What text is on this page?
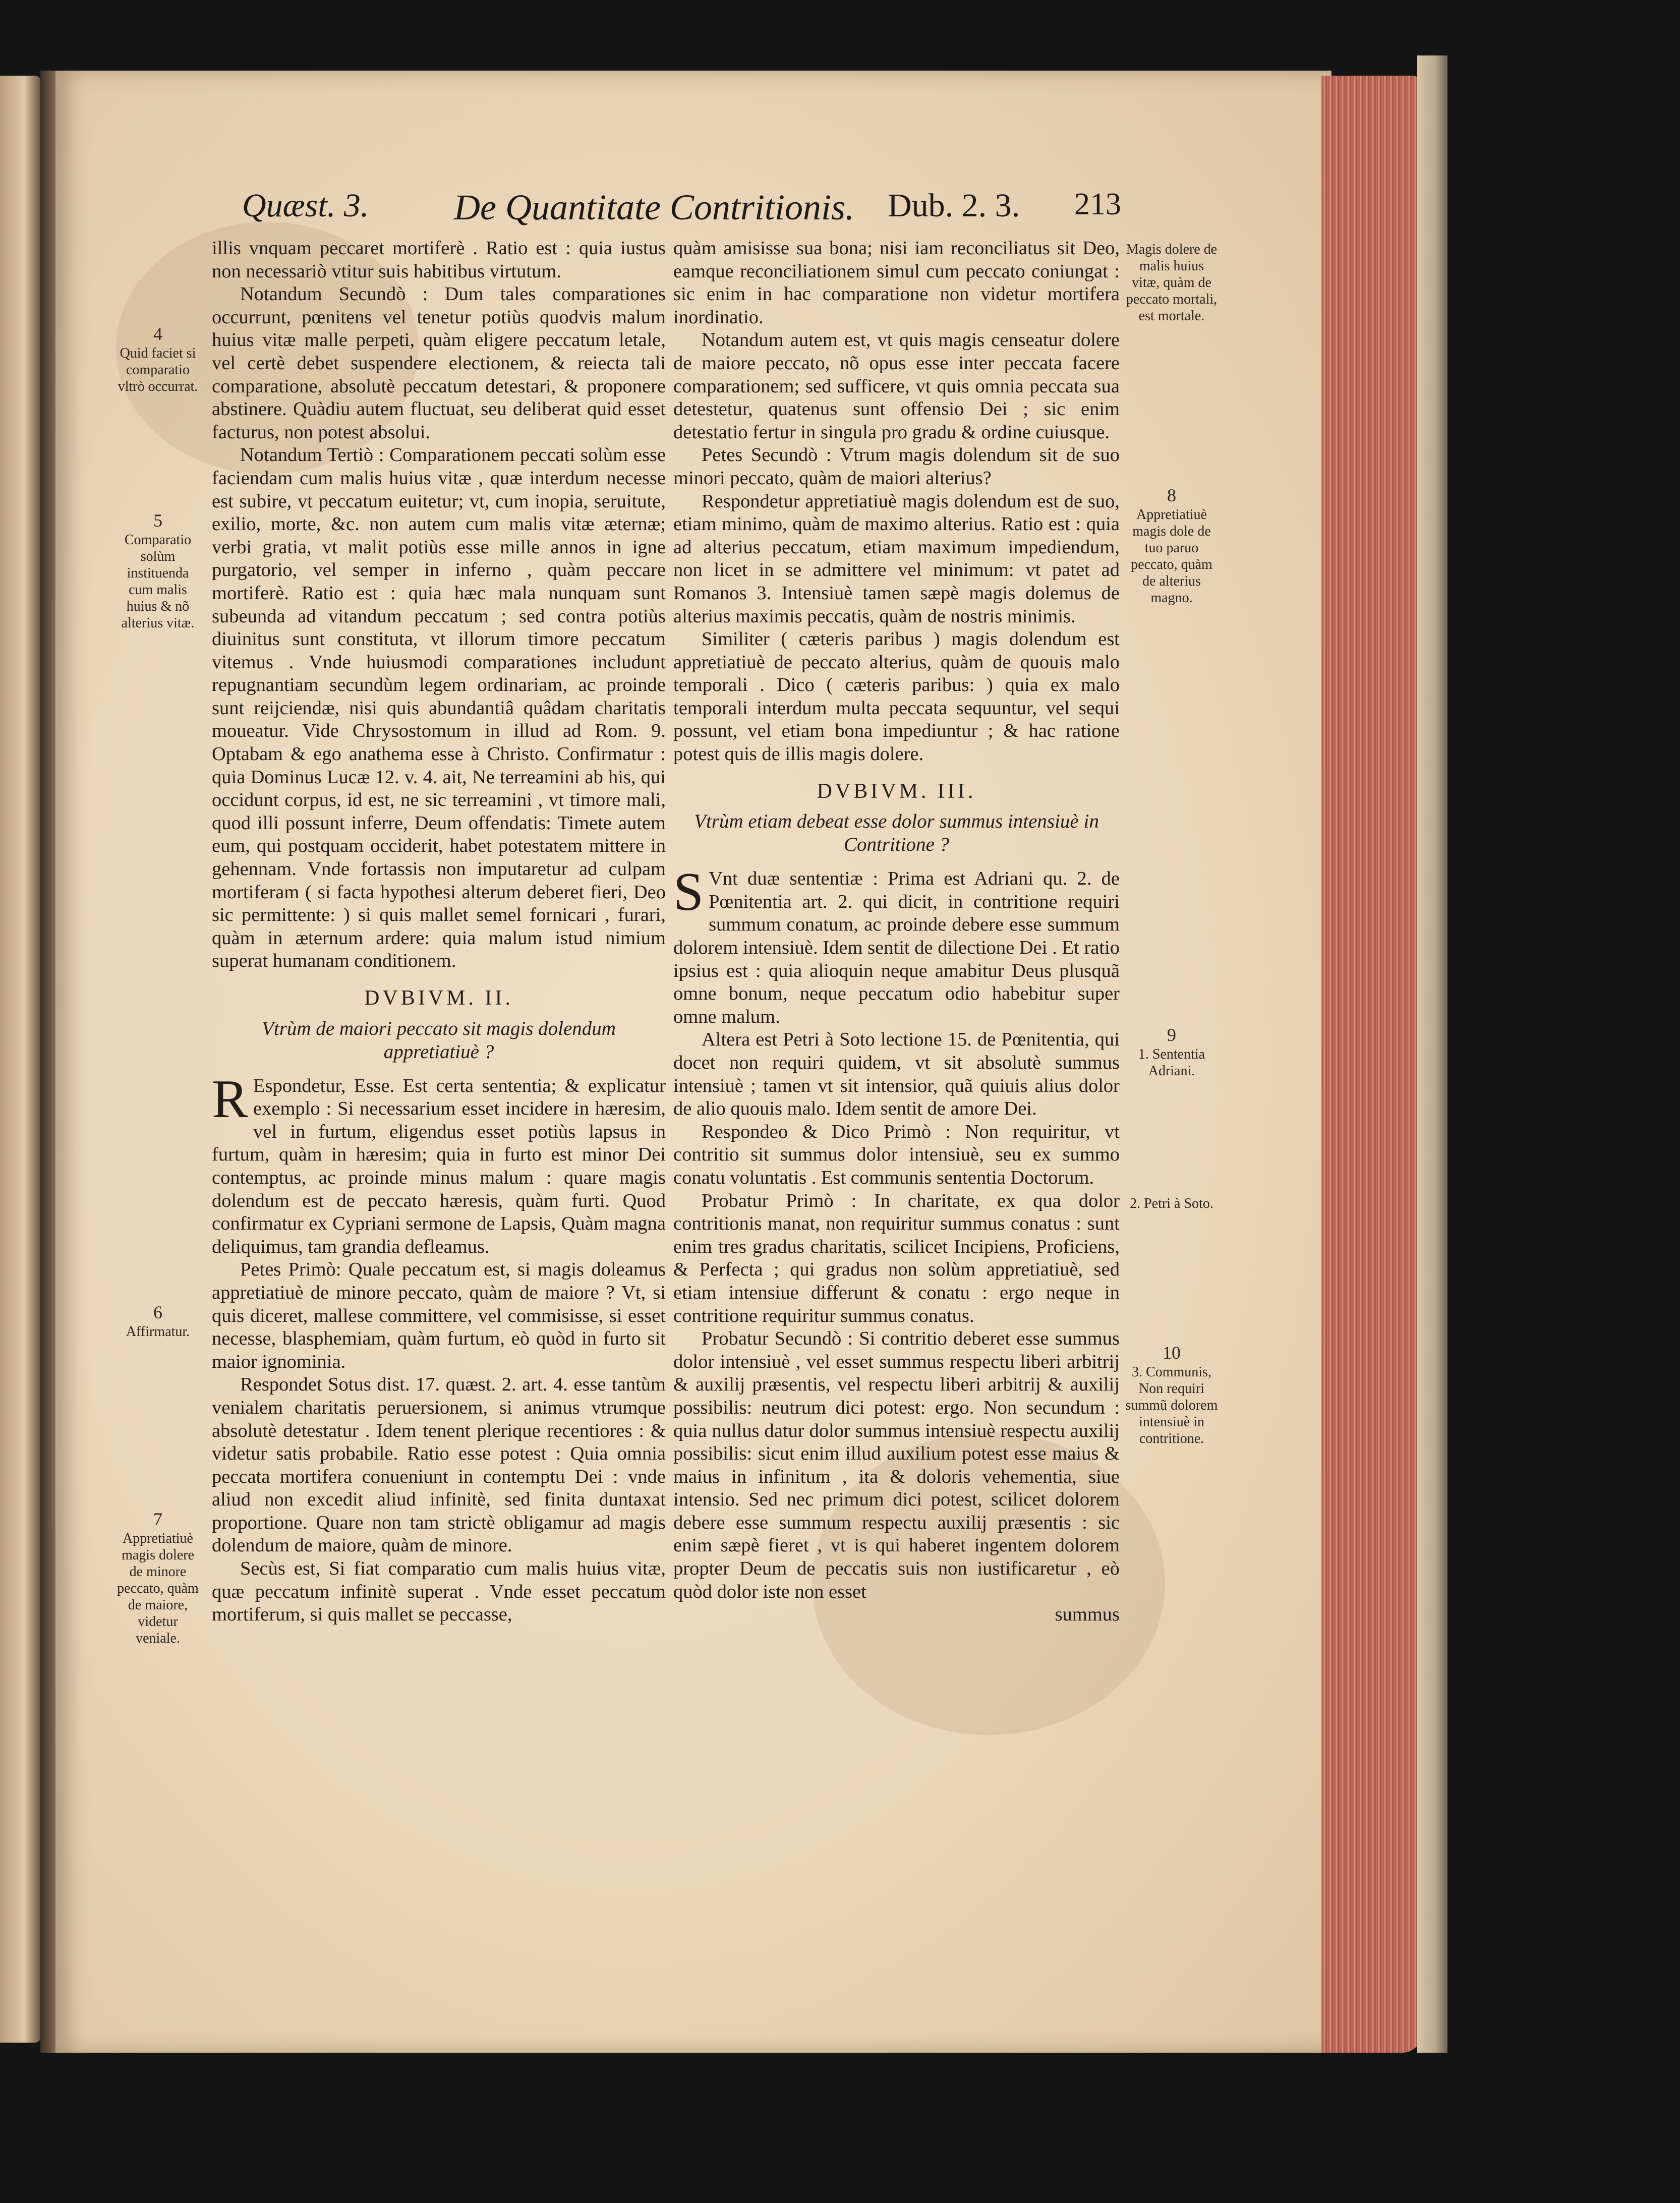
Quæst. 3. De Quantitate Contritionis. Dub. 2. 3. 213
4
Quid faciet si comparatio vltrò occurrat.
5
Comparatio solùm instituenda cum malis huius & nõ alterius vitæ.
6
Affirmatur.
7
Appretiatiuè magis dolere de minore peccato, quàm de maiore, videtur veniale.
Magis dolere de malis huius vitæ, quàm de peccato mortali, est mortale.
8
Appretiatiuè magis dole de tuo paruo peccato, quàm de alterius magno.
9
1. Sententia Adriani.
2. Petri à Soto.
10
3. Communis, Non requiri summũ dolorem intensiuè in contritione.

illis vnquam peccaret mortiferè . Ratio est : quia iustus non necessariò vtitur suis habitibus virtutum.

Notandum Secundò : Dum tales comparationes occurrunt, pœnitens vel tenetur potiùs quodvis malum huius vitæ malle perpeti, quàm eligere peccatum letale, vel certè debet suspendere electionem, & reiecta tali comparatione, absolutè peccatum detestari, & proponere abstinere. Quàdiu autem fluctuat, seu deliberat quid esset facturus, non potest absolui.

Notandum Tertiò : Comparationem peccati solùm esse faciendam cum malis huius vitæ , quæ interdum necesse est subire, vt peccatum euitetur; vt, cum inopia, seruitute, exilio, morte, &c. non autem cum malis vitæ æternæ; verbi gratia, vt malit potiùs esse mille annos in igne purgatorio, vel semper in inferno , quàm peccare mortiferè. Ratio est : quia hæc mala nunquam sunt subeunda ad vitandum peccatum ; sed contra potiùs diuinitus sunt constituta, vt illorum timore peccatum vitemus . Vnde huiusmodi comparationes includunt repugnantiam secundùm legem ordinariam, ac proinde sunt reijciendæ, nisi quis abundantiâ quâdam charitatis moueatur. Vide Chrysostomum in illud ad Rom. 9. Optabam & ego anathema esse à Christo. Confirmatur : quia Dominus Lucæ 12. v. 4. ait, Ne terreamini ab his, qui occidunt corpus, id est, ne sic terreamini , vt timore mali, quod illi possunt inferre, Deum offendatis: Timete autem eum, qui postquam occiderit, habet potestatem mittere in gehennam. Vnde fortassis non imputaretur ad culpam mortiferam ( si facta hypothesi alterum deberet fieri, Deo sic permittente: ) si quis mallet semel fornicari , furari, quàm in æternum ardere: quia malum istud nimium superat humanam conditionem.

DVBIVM. II.
Vtrùm de maiori peccato sit magis dolendum appretiatiuè ?

R Espondetur, Esse. Est certa sententia; & explicatur exemplo : Si necessarium esset incidere in hæresim, vel in furtum, eligendus esset potiùs lapsus in furtum, quàm in hæresim; quia in furto est minor Dei contemptus, ac proinde minus malum : quare magis dolendum est de peccato hæresis, quàm furti. Quod confirmatur ex Cypriani sermone de Lapsis, Quàm magna deliquimus, tam grandia defleamus.

Petes Primò: Quale peccatum est, si magis doleamus appretiatiuè de minore peccato, quàm de maiore ? Vt, si quis diceret, mallese committere, vel commisisse, si esset necesse, blasphemiam, quàm furtum, eò quòd in furto sit maior ignominia.

Respondet Sotus dist. 17. quæst. 2. art. 4. esse tantùm venialem charitatis peruersionem, si animus vtrumque absolutè detestatur . Idem tenent plerique recentiores : & videtur satis probabile. Ratio esse potest : Quia omnia peccata mortifera conueniunt in contemptu Dei : vnde aliud non excedit aliud infinitè, sed finita duntaxat proportione. Quare non tam strictè obligamur ad magis dolendum de maiore, quàm de minore.

Secùs est, Si fiat comparatio cum malis huius vitæ, quæ peccatum infinitè superat . Vnde esset peccatum mortiferum, si quis mallet se peccasse,

quàm amisisse sua bona; nisi iam reconciliatus sit Deo, eamque reconciliationem simul cum peccato coniungat : sic enim in hac comparatione non videtur mortifera inordinatio.

Notandum autem est, vt quis magis censeatur dolere de maiore peccato, nõ opus esse inter peccata facere comparationem; sed sufficere, vt quis omnia peccata sua detestetur, quatenus sunt offensio Dei ; sic enim detestatio fertur in singula pro gradu & ordine cuiusque.

Petes Secundò : Vtrum magis dolendum sit de suo minori peccato, quàm de maiori alterius?

Respondetur appretiatiuè magis dolendum est de suo, etiam minimo, quàm de maximo alterius. Ratio est : quia ad alterius peccatum, etiam maximum impediendum, non licet in se admittere vel minimum: vt patet ad Romanos 3. Intensiuè tamen sæpè magis dolemus de alterius maximis peccatis, quàm de nostris minimis.

Similiter ( cæteris paribus ) magis dolendum est appretiatiuè de peccato alterius, quàm de quouis malo temporali . Dico ( cæteris paribus: ) quia ex malo temporali interdum multa peccata sequuntur, vel sequi possunt, vel etiam bona impediuntur ; & hac ratione potest quis de illis magis dolere.

DVBIVM. III.
Vtrùm etiam debeat esse dolor summus intensiuè in Contritione ?

S Vnt duæ sententiæ : Prima est Adriani qu. 2. de Pœnitentia art. 2. qui dicit, in contritione requiri summum conatum, ac proinde debere esse summum dolorem intensiuè. Idem sentit de dilectione Dei . Et ratio ipsius est : quia alioquin neque amabitur Deus plusquã omne bonum, neque peccatum odio habebitur super omne malum.

Altera est Petri à Soto lectione 15. de Pœnitentia, qui docet non requiri quidem, vt sit absolutè summus intensiuè ; tamen vt sit intensior, quã quiuis alius dolor de alio quouis malo. Idem sentit de amore Dei.

Respondeo & Dico Primò : Non requiritur, vt contritio sit summus dolor intensiuè, seu ex summo conatu voluntatis . Est communis sententia Doctorum.

Probatur Primò : In charitate, ex qua dolor contritionis manat, non requiritur summus conatus : sunt enim tres gradus charitatis, scilicet Incipiens, Proficiens, & Perfecta ; qui gradus non solùm appretiatiuè, sed etiam intensiue differunt & conatu : ergo neque in contritione requiritur summus conatus.

Probatur Secundò : Si contritio deberet esse summus dolor intensiuè , vel esset summus respectu liberi arbitrij & auxilij præsentis, vel respectu liberi arbitrij & auxilij possibilis: neutrum dici potest: ergo. Non secundum : quia nullus datur dolor summus intensiuè respectu auxilij possibilis: sicut enim illud auxilium potest esse maius & maius in infinitum , ita & doloris vehementia, siue intensio. Sed nec primum dici potest, scilicet dolorem debere esse summum respectu auxilij præsentis : sic enim sæpè fieret , vt is qui haberet ingentem dolorem propter Deum de peccatis suis non iustificaretur , eò quòd dolor iste non esset

summus
